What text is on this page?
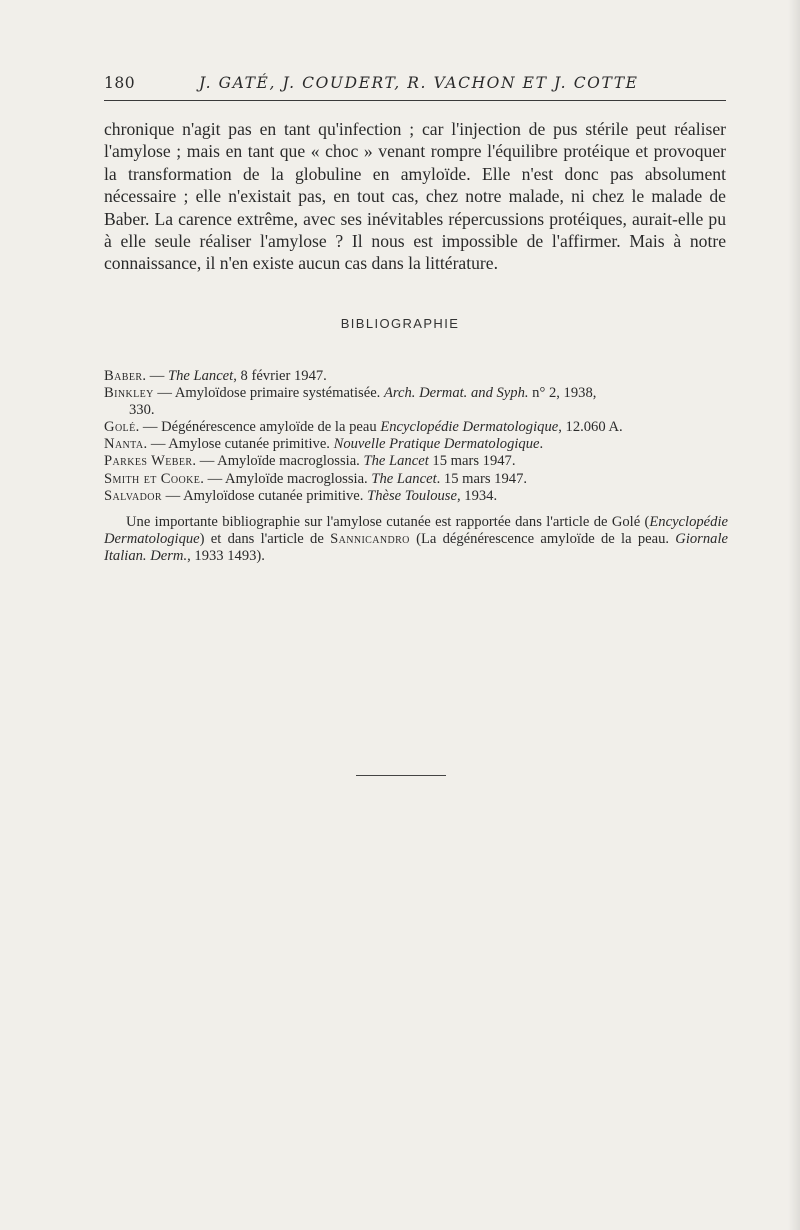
180	J. GATÉ, J. COUDERT, R. VACHON ET J. COTTE

chronique n'agit pas en tant qu'infection ; car l'injection de pus stérile peut réaliser l'amylose ; mais en tant que « choc » venant rompre l'équilibre protéique et provoquer la transformation de la globuline en amyloïde. Elle n'est donc pas absolument nécessaire ; elle n'existait pas, en tout cas, chez notre malade, ni chez le malade de Baber. La carence extrême, avec ses inévitables répercussions protéiques, aurait-elle pu à elle seule réaliser l'amylose ? Il nous est impossible de l'affirmer. Mais à notre connaissance, il n'en existe aucun cas dans la littérature.

BIBLIOGRAPHIE
Baber. — The Lancet, 8 février 1947.
Binkley — Amyloïdose primaire systématisée. Arch. Dermat. and Syph. n° 2, 1938,
330.
Golé. — Dégénérescence amyloïde de la peau Encyclopédie Dermatologique, 12.060 A.
Nanta. — Amylose cutanée primitive. Nouvelle Pratique Dermatologique.
Parkes Weber. — Amyloïde macroglossia. The Lancet 15 mars 1947.
Smith et Cooke. — Amyloïde macroglossia. The Lancet. 15 mars 1947.
Salvador — Amyloïdose cutanée primitive. Thèse Toulouse, 1934.

Une importante bibliographie sur l'amylose cutanée est rapportée dans l'article de Golé (Encyclopédie Dermatologique) et dans l'article de Sannicandro (La dégénérescence amyloïde de la peau. Giornale Italian. Derm., 1933 1493).
